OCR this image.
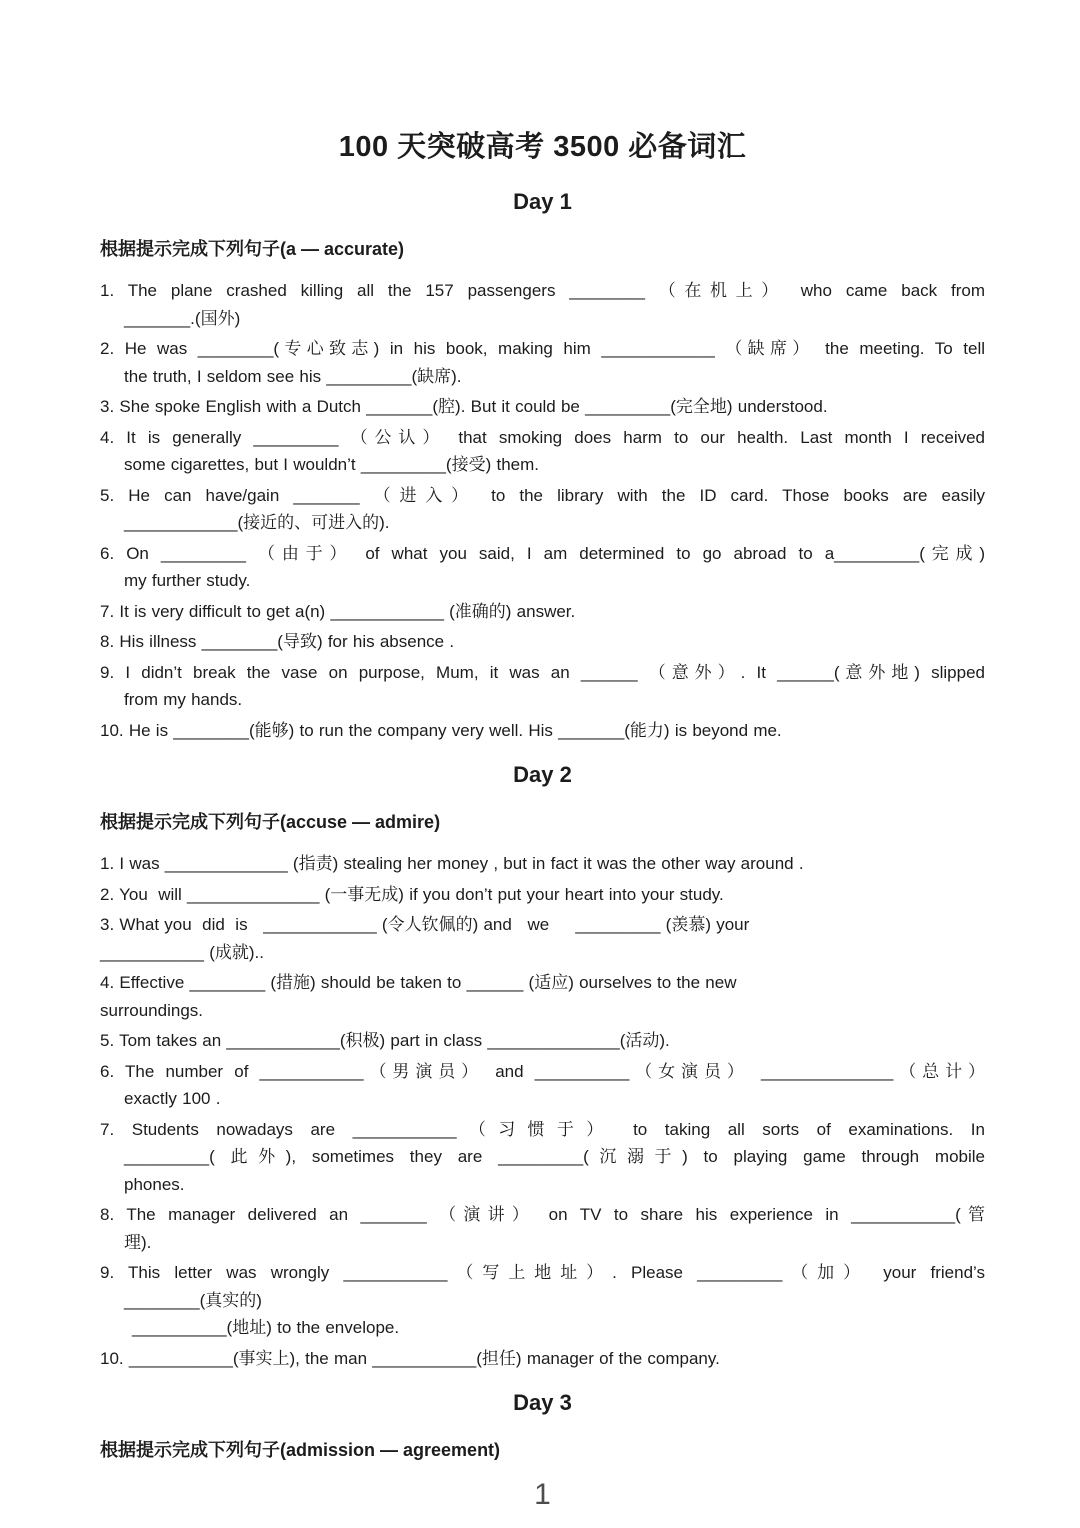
100 天突破高考 3500 必备词汇
Day 1
根据提示完成下列句子(a — accurate)
1. The plane crashed killing all the 157 passengers ________ （在机上） who came back from
_______.(国外)
2. He was ________(专心致志) in his book, making him ____________ （缺席） the meeting. To tell
the truth, I seldom see his _________(缺席).
3. She spoke English with a Dutch _______(腔). But it could be _________(完全地) understood.
4. It is generally _________ （公认） that smoking does harm to our health. Last month I received
some cigarettes, but I wouldn’t _________(接受) them.
5. He can have/gain _______ （进入） to the library with the ID card. Those books are easily
____________(接近的、可进入的).
6. On _________ （由于） of what you said, I am determined to go abroad to a_________(完成)
my further study.
7. It is very difficult to get a(n) ____________ (准确的) answer.
8. His illness ________(导致) for his absence .
9. I didn’t break the vase on purpose, Mum, it was an ______ （意外）. It ______(意外地) slipped
from my hands.
10. He is ________(能够) to run the company very well. His _______(能力) is beyond me.
Day 2
根据提示完成下列句子(accuse — admire)
1. I was _____________ (指责) stealing her money , but in fact it was the other way around .
2. You  will ______________ (一事无成) if you don’t put your heart into your study.
3. What you  did  is   ____________ (令人钦佩的) and   we     _________ (羡慕) your
___________ (成就)..
4. Effective ________ (措施) should be taken to ______ (适应) ourselves to the new
surroundings.
5. Tom takes an ____________(积极) part in class ______________(活动).
6. The number of ___________（男演员） and __________（女演员） ______________（总计）
exactly 100 .
7. Students nowadays are ___________（习惯于） to taking all sorts of examinations. In
_________( 此外), sometimes they are _________(沉溺于) to playing game through mobile
phones.
8. The manager delivered an _______ （演讲） on TV to share his experience in ___________(管
理).
9. This letter was wrongly ___________（写上地址）. Please _________（加） your friend’s
________(真实的)
__________(地址) to the envelope.
10. ___________(事实上), the man ___________(担任) manager of the company.
Day 3
根据提示完成下列句子(admission — agreement)
1
